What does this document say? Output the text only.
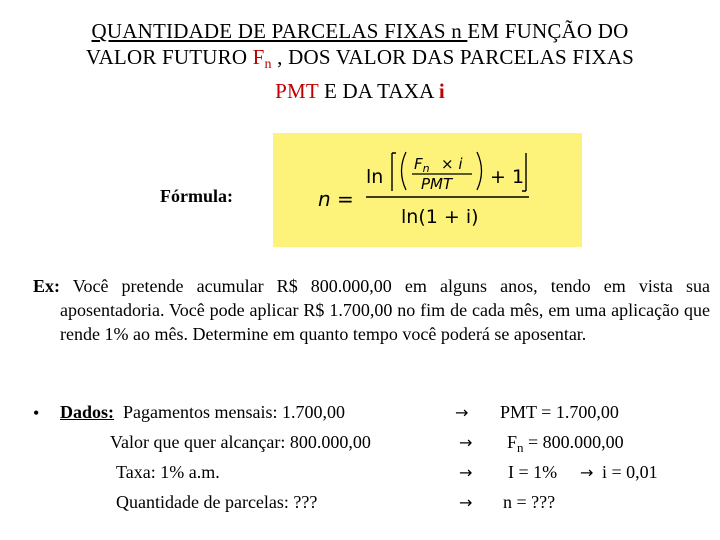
QUANTIDADE DE PARCELAS FIXAS n EM FUNÇÃO DO
VALOR FUTURO $F_n$ , DOS VALOR DAS PARCELAS FIXAS
PMT E DA TAXA i
Fórmula:	n =
ln
$F_n \times i$
PMT + 1
ln(1 + i)
Ex: Você pretende acumular R$ 800.000,00 em alguns anos, tendo em vista sua aposentadoria. Você pode aplicar R$ 1.700,00 no fim de cada mês, em uma aplicação que rende 1% ao mês. Determine em quanto tempo você poderá se aposentar.
• Dados: Pagamentos mensais: 1.700,00
Valor que quer alcançar: 800.000,00
Taxa: 1% a.m.
Quantidade de parcelas: ???
→
→
→
→
PMT = 1.700,00
$F_n = 800.000,00$
I = 1% → i = 0,01
n = ???
